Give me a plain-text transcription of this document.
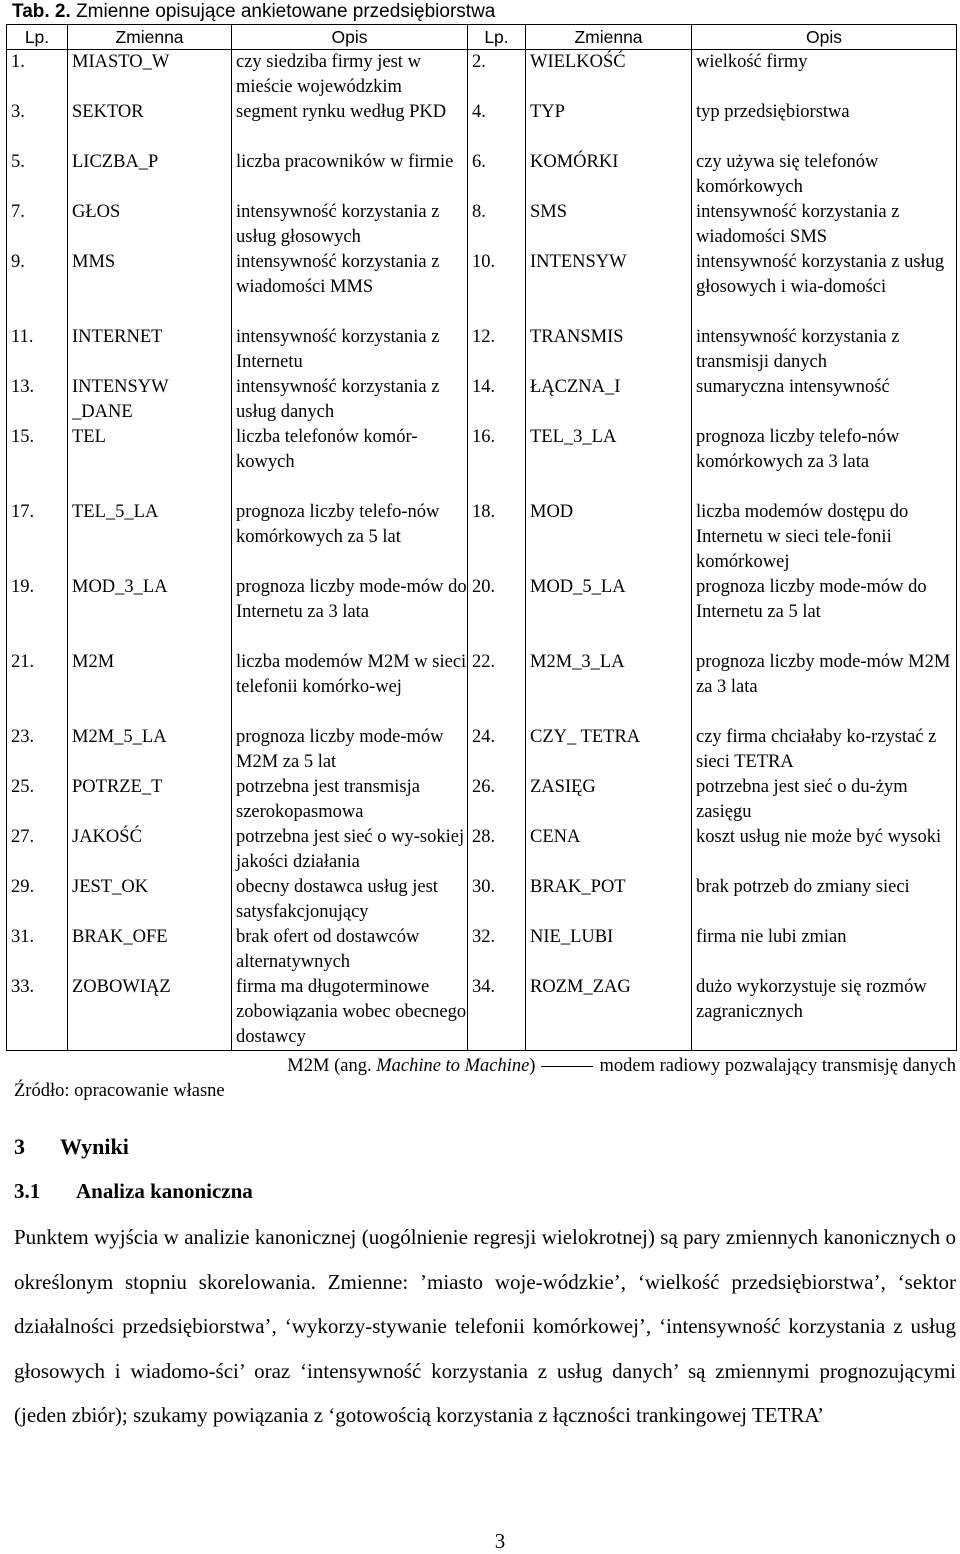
Tab. 2. Zmienne opisujące ankietowane przedsiębiorstwa
Lp.	Zmienna	Opis	Lp.	Zmienna	Opis
1.	MIASTO_W	czy siedziba firmy jest w mieście wojewódzkim	2.	WIELKOŚĆ	wielkość firmy
3.	SEKTOR	segment rynku według PKD	4.	TYP	typ przedsiębiorstwa
5.	LICZBA_P	liczba pracowników w firmie	6.	KOMÓRKI	czy używa się telefonów komórkowych
7.	GŁOS	intensywność korzystania z usług głosowych	8.	SMS	intensywność korzystania z wiadomości SMS
9.	MMS	intensywność korzystania z wiadomości MMS	10.	INTENSYW	intensywność korzystania z usług głosowych i wia-domości
11.	INTERNET	intensywność korzystania z Internetu	12.	TRANSMIS	intensywność korzystania z transmisji danych
13.	INTENSYW _DANE	intensywność korzystania z usług danych	14.	ŁĄCZNA_I	sumaryczna intensywność
15.	TEL	liczba telefonów komór-kowych	16.	TEL_3_LA	prognoza liczby telefo-nów komórkowych za 3 lata
17.	TEL_5_LA	prognoza liczby telefo-nów komórkowych za 5 lat	18.	MOD	liczba modemów dostępu do Internetu w sieci tele-fonii komórkowej
19.	MOD_3_LA	prognoza liczby mode-mów do Internetu za 3 lata	20.	MOD_5_LA	prognoza liczby mode-mów do Internetu za 5 lat
21.	M2M	liczba modemów M2M w sieci telefonii komórko-wej	22.	M2M_3_LA	prognoza liczby mode-mów M2M za 3 lata
23.	M2M_5_LA	prognoza liczby mode-mów M2M za 5 lat	24.	CZY_ TETRA	czy firma chciałaby ko-rzystać z sieci TETRA
25.	POTRZE_T	potrzebna jest transmisja szerokopasmowa	26.	ZASIĘG	potrzebna jest sieć o du-żym zasięgu
27.	JAKOŚĆ	potrzebna jest sieć o wy-sokiej jakości działania	28.	CENA	koszt usług nie może być wysoki
29.	JEST_OK	obecny dostawca usług jest satysfakcjonujący	30.	BRAK_POT	brak potrzeb do zmiany sieci
31.	BRAK_OFE	brak ofert od dostawców alternatywnych	32.	NIE_LUBI	firma nie lubi zmian
33.	ZOBOWIĄZ	firma ma długoterminowe zobowiązania wobec obecnego dostawcy	34.	ROZM_ZAG	dużo wykorzystuje się rozmów zagranicznych
M2M (ang. Machine to Machine)	modem radiowy pozwalający transmisję danych
Źródło: opracowanie własne
3 Wyniki
3.1 Analiza kanoniczna
Punktem wyjścia w analizie kanonicznej (uogólnienie regresji wielokrotnej) są pary zmiennych kanonicznych o określonym stopniu skorelowania. Zmienne: ’miasto woje-wódzkie’, ‘wielkość przedsiębiorstwa’, ‘sektor działalności przedsiębiorstwa’, ‘wykorzy-stywanie telefonii komórkowej’, ‘intensywność korzystania z usług głosowych i wiadomo-ści’ oraz ‘intensywność korzystania z usług danych’ są zmiennymi prognozującymi (jeden zbiór); szukamy powiązania z ‘gotowością korzystania z łączności trankingowej TETRA’
3
